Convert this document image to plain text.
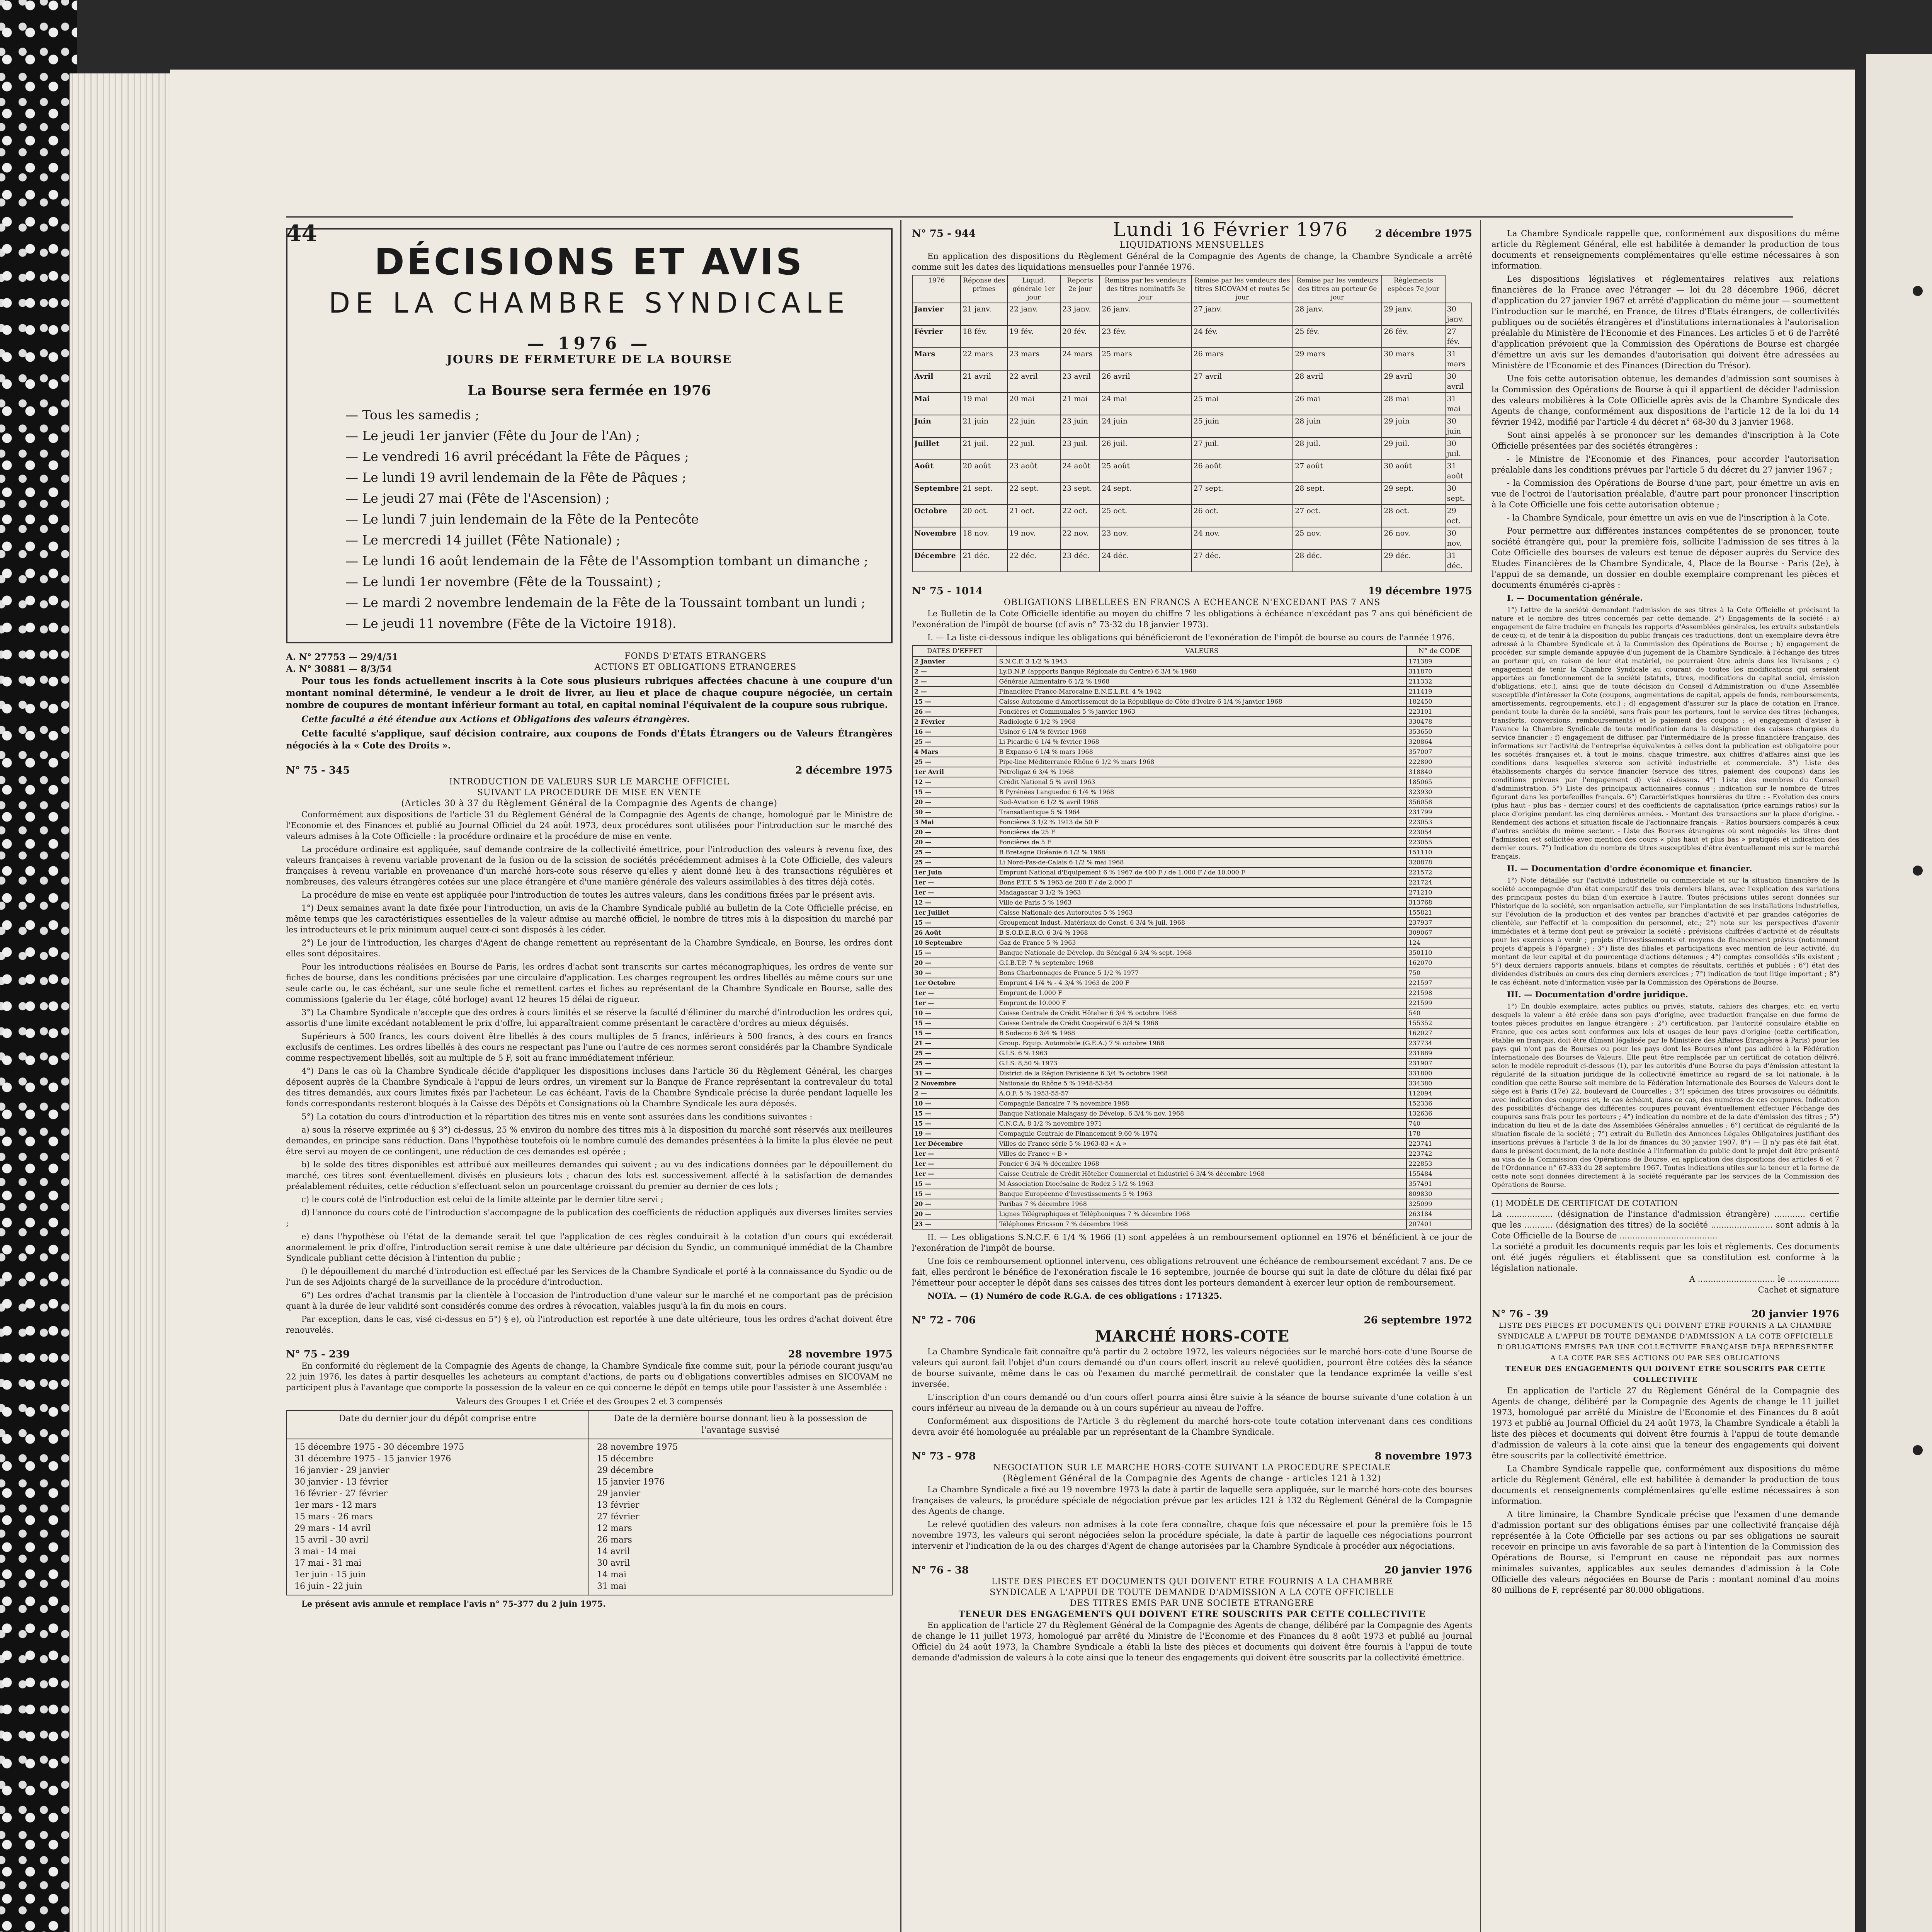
44	Lundi 16 Février 1976
DÉCISIONS ET AVIS
DE LA CHAMBRE SYNDICALE
— 1976 —
JOURS DE FERMETURE DE LA BOURSE
La Bourse sera fermée en 1976
— Tous les samedis ;
— Le jeudi 1er janvier (Fête du Jour de l'An) ;
— Le vendredi 16 avril précédant la Fête de Pâques ;
— Le lundi 19 avril lendemain de la Fête de Pâques ;
— Le jeudi 27 mai (Fête de l'Ascension) ;
— Le lundi 7 juin lendemain de la Fête de la Pentecôte
— Le mercredi 14 juillet (Fête Nationale) ;
— Le lundi 16 août lendemain de la Fête de l'Assomption tombant un dimanche ;
— Le lundi 1er novembre (Fête de la Toussaint) ;
— Le mardi 2 novembre lendemain de la Fête de la Toussaint tombant un lundi ;
— Le jeudi 11 novembre (Fête de la Victoire 1918).
A. N° 27753 — 29/4/51
A. N° 30881 — 8/3/54
FONDS D'ETATS ETRANGERS
ACTIONS ET OBLIGATIONS ETRANGERES

Pour tous les fonds actuellement inscrits à la Cote sous plusieurs rubriques affectées chacune à une coupure d'un montant nominal déterminé, le vendeur a le droit de livrer, au lieu et place de chaque coupure négociée, un certain nombre de coupures de montant inférieur formant au total, en capital nominal l'équivalent de la coupure sous rubrique.

Cette faculté a été étendue aux Actions et Obligations des valeurs étrangères.

Cette faculté s'applique, sauf décision contraire, aux coupons de Fonds d'États Étrangers ou de Valeurs Étrangères négociés à la « Cote des Droits ».

N° 75 - 345	2 décembre 1975
INTRODUCTION DE VALEURS SUR LE MARCHE OFFICIEL
SUIVANT LA PROCEDURE DE MISE EN VENTE
(Articles 30 à 37 du Règlement Général de la Compagnie des Agents de change)

Conformément aux dispositions de l'article 31 du Règlement Général de la Compagnie des Agents de change, homologué par le Ministre de l'Economie et des Finances et publié au Journal Officiel du 24 août 1973, deux procédures sont utilisées pour l'introduction sur le marché des valeurs admises à la Cote Officielle : la procédure ordinaire et la procédure de mise en vente.

La procédure ordinaire est appliquée, sauf demande contraire de la collectivité émettrice, pour l'introduction des valeurs à revenu fixe, des valeurs françaises à revenu variable provenant de la fusion ou de la scission de sociétés précédemment admises à la Cote Officielle, des valeurs françaises à revenu variable en provenance d'un marché hors-cote sous réserve qu'elles y aient donné lieu à des transactions régulières et nombreuses, des valeurs étrangères cotées sur une place étrangère et d'une manière générale des valeurs assimilables à des titres déjà cotés.

La procédure de mise en vente est appliquée pour l'introduction de toutes les autres valeurs, dans les conditions fixées par le présent avis.

1°) Deux semaines avant la date fixée pour l'introduction, un avis de la Chambre Syndicale publié au bulletin de la Cote Officielle précise, en même temps que les caractéristiques essentielles de la valeur admise au marché officiel, le nombre de titres mis à la disposition du marché par les introducteurs et le prix minimum auquel ceux-ci sont disposés à les céder.

2°) Le jour de l'introduction, les charges d'Agent de change remettent au représentant de la Chambre Syndicale, en Bourse, les ordres dont elles sont dépositaires.

Pour les introductions réalisées en Bourse de Paris, les ordres d'achat sont transcrits sur cartes mécanographiques, les ordres de vente sur fiches de bourse, dans les conditions précisées par une circulaire d'application. Les charges regroupent les ordres libellés au même cours sur une seule carte ou, le cas échéant, sur une seule fiche et remettent cartes et fiches au représentant de la Chambre Syndicale en Bourse, salle des commissions (galerie du 1er étage, côté horloge) avant 12 heures 15 délai de rigueur.

3°) La Chambre Syndicale n'accepte que des ordres à cours limités et se réserve la faculté d'éliminer du marché d'introduction les ordres qui, assortis d'une limite excédant notablement le prix d'offre, lui apparaîtraient comme présentant le caractère d'ordres au mieux déguisés.

Supérieurs à 500 francs, les cours doivent être libellés à des cours multiples de 5 francs, inférieurs à 500 francs, à des cours en francs exclusifs de centimes. Les ordres libellés à des cours ne respectant pas l'une ou l'autre de ces normes seront considérés par la Chambre Syndicale comme respectivement libellés, soit au multiple de 5 F, soit au franc immédiatement inférieur.

4°) Dans le cas où la Chambre Syndicale décide d'appliquer les dispositions incluses dans l'article 36 du Règlement Général, les charges déposent auprès de la Chambre Syndicale à l'appui de leurs ordres, un virement sur la Banque de France représentant la contrevaleur du total des titres demandés, aux cours limites fixés par l'acheteur. Le cas échéant, l'avis de la Chambre Syndicale précise la durée pendant laquelle les fonds correspondants resteront bloqués à la Caisse des Dépôts et Consignations où la Chambre Syndicale les aura déposés.

5°) La cotation du cours d'introduction et la répartition des titres mis en vente sont assurées dans les conditions suivantes :

a) sous la réserve exprimée au § 3°) ci-dessus, 25 % environ du nombre des titres mis à la disposition du marché sont réservés aux meilleures demandes, en principe sans réduction. Dans l'hypothèse toutefois où le nombre cumulé des demandes présentées à la limite la plus élevée ne peut être servi au moyen de ce contingent, une réduction de ces demandes est opérée ;

b) le solde des titres disponibles est attribué aux meilleures demandes qui suivent ; au vu des indications données par le dépouillement du marché, ces titres sont éventuellement divisés en plusieurs lots ; chacun des lots est successivement affecté à la satisfaction de demandes préalablement réduites, cette réduction s'effectuant selon un pourcentage croissant du premier au dernier de ces lots ;

c) le cours coté de l'introduction est celui de la limite atteinte par le dernier titre servi ;

d) l'annonce du cours coté de l'introduction s'accompagne de la publication des coefficients de réduction appliqués aux diverses limites servies ;

e) dans l'hypothèse où l'état de la demande serait tel que l'application de ces règles conduirait à la cotation d'un cours qui excéderait anormalement le prix d'offre, l'introduction serait remise à une date ultérieure par décision du Syndic, un communiqué immédiat de la Chambre Syndicale publiant cette décision à l'intention du public ;

f) le dépouillement du marché d'introduction est effectué par les Services de la Chambre Syndicale et porté à la connaissance du Syndic ou de l'un de ses Adjoints chargé de la surveillance de la procédure d'introduction.

6°) Les ordres d'achat transmis par la clientèle à l'occasion de l'introduction d'une valeur sur le marché et ne comportant pas de précision quant à la durée de leur validité sont considérés comme des ordres à révocation, valables jusqu'à la fin du mois en cours.

Par exception, dans le cas, visé ci-dessus en 5°) § e), où l'introduction est reportée à une date ultérieure, tous les ordres d'achat doivent être renouvelés.

N° 75 - 239	28 novembre 1975

En conformité du règlement de la Compagnie des Agents de change, la Chambre Syndicale fixe comme suit, pour la période courant jusqu'au 22 juin 1976, les dates à partir desquelles les acheteurs au comptant d'actions, de parts ou d'obligations convertibles admises en SICOVAM ne participent plus à l'avantage que comporte la possession de la valeur en ce qui concerne le dépôt en temps utile pour l'assister à une Assemblée :

Valeurs des Groupes 1 et Criée et des Groupes 2 et 3 compensés
Date du dernier jour du dépôt comprise entre	Date de la dernière bourse donnant lieu à la possession de l'avantage susvisé
15 décembre 1975 - 30 décembre 1975
31 décembre 1975 - 15 janvier 1976
16 janvier - 29 janvier
30 janvier - 13 février
16 février - 27 février
1er mars - 12 mars
15 mars - 26 mars
29 mars - 14 avril
15 avril - 30 avril
3 mai - 14 mai
17 mai - 31 mai
1er juin - 15 juin
16 juin - 22 juin
28 novembre 1975
15 décembre
29 décembre
15 janvier 1976
29 janvier
13 février
27 février
12 mars
26 mars
14 avril
30 avril
14 mai
31 mai

Le présent avis annule et remplace l'avis n° 75-377 du 2 juin 1975.

N° 75 - 944	2 décembre 1975
LIQUIDATIONS MENSUELLES

En application des dispositions du Règlement Général de la Compagnie des Agents de change, la Chambre Syndicale a arrêté comme suit les dates des liquidations mensuelles pour l'année 1976.

1976	Réponse des primes	Liquid. générale 1er jour	Reports 2e jour	Remise par les vendeurs des titres nominatifs 3e jour	Remise par les vendeurs des titres SICOVAM et routes 5e jour	Remise par les vendeurs des titres au porteur 6e jour	Règlements espèces 7e jour	
Janvier	21 janv.	22 janv.	23 janv.	26 janv.	27 janv.	28 janv.	29 janv.	30 janv.
Février	18 fév.	19 fév.	20 fév.	23 fév.	24 fév.	25 fév.	26 fév.	27 fév.
Mars	22 mars	23 mars	24 mars	25 mars	26 mars	29 mars	30 mars	31 mars
Avril	21 avril	22 avril	23 avril	26 avril	27 avril	28 avril	29 avril	30 avril
Mai	19 mai	20 mai	21 mai	24 mai	25 mai	26 mai	28 mai	31 mai
Juin	21 juin	22 juin	23 juin	24 juin	25 juin	28 juin	29 juin	30 juin
Juillet	21 juil.	22 juil.	23 juil.	26 juil.	27 juil.	28 juil.	29 juil.	30 juil.
Août	20 août	23 août	24 août	25 août	26 août	27 août	30 août	31 août
Septembre	21 sept.	22 sept.	23 sept.	24 sept.	27 sept.	28 sept.	29 sept.	30 sept.
Octobre	20 oct.	21 oct.	22 oct.	25 oct.	26 oct.	27 oct.	28 oct.	29 oct.
Novembre	18 nov.	19 nov.	22 nov.	23 nov.	24 nov.	25 nov.	26 nov.	30 nov.
Décembre	21 déc.	22 déc.	23 déc.	24 déc.	27 déc.	28 déc.	29 déc.	31 déc.
N° 75 - 1014	19 décembre 1975
OBLIGATIONS LIBELLEES EN FRANCS A ECHEANCE N'EXCEDANT PAS 7 ANS

Le Bulletin de la Cote Officielle identifie au moyen du chiffre 7 les obligations à échéance n'excédant pas 7 ans qui bénéficient de l'exonération de l'impôt de bourse (cf avis n° 73-32 du 18 janvier 1973).

I. — La liste ci-dessous indique les obligations qui bénéficieront de l'exonération de l'impôt de bourse au cours de l'année 1976.

DATES D'EFFET	VALEURS	N° de CODE
2 Janvier	S.N.C.F. 3 1/2 % 1943	171389
2 —	Ly.B.N.P. (appports Banque Régionale du Centre) 6 3/4 % 1968	311870
2 —	Générale Alimentaire 6 1/2 % 1968	211332
2 —	Financière Franco-Marocaine E.N.E.L.F.I. 4 % 1942	211419
15 —	Caisse Autonome d'Amortissement de la République de Côte d'Ivoire 6 1/4 % janvier 1968	182450
26 —	Foncières et Communales 5 % janvier 1963	223101
2 Février	Radiologie 6 1/2 % 1968	330478
16 —	Usinor 6 1/4 % février 1968	353650
25 —	Li Picardie 6 1/4 % février 1968	320864
4 Mars	B Expanso 6 1/4 % mars 1968	357007
25 —	Pipe-line Méditerranée Rhône 6 1/2 % mars 1968	222800
1er Avril	Pétroligaz 6 3/4 % 1968	318840
12 —	Crédit National 5 % avril 1963	185065
15 —	B Pyrénées Languedoc 6 1/4 % 1968	323930
20 —	Sud-Aviation 6 1/2 % avril 1968	356058
30 —	Transatlantique 5 % 1964	231799
3 Mai	Foncières 3 1/2 % 1913 de 50 F	223053
20 —	Foncières de 25 F	223054
20 —	Foncières de 5 F	223055
25 —	B Bretagne Océanie 6 1/2 % 1968	151110
25 —	Li Nord-Pas-de-Calais 6 1/2 % mai 1968	320878
1er Juin	Emprunt National d'Equipement 6 % 1967 de 400 F / de 1.000 F / de 10.000 F	221572
1er —	Bons P.T.T. 5 % 1963 de 200 F / de 2.000 F	221724
1er —	Madagascar 3 1/2 % 1963	271210
12 —	Ville de Paris 5 % 1963	313768
1er Juillet	Caisse Nationale des Autoroutes 5 % 1963	155821
15 —	Groupement Indust. Matériaux de Const. 6 3/4 % juil. 1968	237937
26 Août	B S.O.D.E.R.O. 6 3/4 % 1968	309067
10 Septembre	Gaz de France 5 % 1963	124
15 —	Banque Nationale de Dévelop. du Sénégal 6 3/4 % sept. 1968	350110
20 —	G.I.B.T.P. 7 % septembre 1968	162070
30 —	Bons Charbonnages de France 5 1/2 % 1977	750
1er Octobre	Emprunt 4 1/4 % - 4 3/4 % 1963 de 200 F	221597
1er —	Emprunt de 1.000 F	221598
1er —	Emprunt de 10.000 F	221599
10 —	Caisse Centrale de Crédit Hôtelier 6 3/4 % octobre 1968	540
15 —	Caisse Centrale de Crédit Coopératif 6 3/4 % 1968	155352
15 —	B Sodecco 6 3/4 % 1968	162027
21 —	Group. Equip. Automobile (G.E.A.) 7 % octobre 1968	237734
25 —	G.I.S. 6 % 1963	231889
25 —	G.I.S. 8,50 % 1973	231907
31 —	District de la Région Parisienne 6 3/4 % octobre 1968	331800
2 Novembre	Nationale du Rhône 5 % 1948-53-54	334380
2 —	A.O.F. 5 % 1953-55-57	112094
10 —	Compagnie Bancaire 7 % novembre 1968	152336
15 —	Banque Nationale Malagasy de Dévelop. 6 3/4 % nov. 1968	132636
15 —	C.N.C.A. 8 1/2 % novembre 1971	740
19 —	Compagnie Centrale de Financement 9,60 % 1974	178
1er Décembre	Villes de France série 5 % 1963-83 « A »	223741
1er —	Villes de France « B »	223742
1er —	Foncier 6 3/4 % décembre 1968	222853
1er —	Caisse Centrale de Crédit Hôtelier Commercial et Industriel 6 3/4 % décembre 1968	155484
15 —	M Association Diocésaine de Rodez 5 1/2 % 1963	357491
15 —	Banque Européenne d'Investissements 5 % 1963	809830
20 —	Paribas 7 % décembre 1968	325099
20 —	Lignes Télégraphiques et Téléphoniques 7 % décembre 1968	263184
23 —	Téléphones Ericsson 7 % décembre 1968	207401

II. — Les obligations S.N.C.F. 6 1/4 % 1966 (1) sont appelées à un remboursement optionnel en 1976 et bénéficient à ce jour de l'exonération de l'impôt de bourse.

Une fois ce remboursement optionnel intervenu, ces obligations retrouvent une échéance de remboursement excédant 7 ans. De ce fait, elles perdront le bénéfice de l'exonération fiscale le 16 septembre, journée de bourse qui suit la date de clôture du délai fixé par l'émetteur pour accepter le dépôt dans ses caisses des titres dont les porteurs demandent à exercer leur option de remboursement.

NOTA. — (1) Numéro de code R.G.A. de ces obligations : 171325.

N° 72 - 706	26 septembre 1972
MARCHÉ HORS-COTE

La Chambre Syndicale fait connaître qu'à partir du 2 octobre 1972, les valeurs négociées sur le marché hors-cote d'une Bourse de valeurs qui auront fait l'objet d'un cours demandé ou d'un cours offert inscrit au relevé quotidien, pourront être cotées dès la séance de bourse suivante, même dans le cas où l'examen du marché permettrait de constater que la tendance exprimée la veille s'est inversée.

L'inscription d'un cours demandé ou d'un cours offert pourra ainsi être suivie à la séance de bourse suivante d'une cotation à un cours inférieur au niveau de la demande ou à un cours supérieur au niveau de l'offre.

Conformément aux dispositions de l'Article 3 du règlement du marché hors-cote toute cotation intervenant dans ces conditions devra avoir été homologuée au préalable par un représentant de la Chambre Syndicale.

N° 73 - 978	8 novembre 1973
NEGOCIATION SUR LE MARCHE HORS-COTE SUIVANT LA PROCEDURE SPECIALE
(Règlement Général de la Compagnie des Agents de change - articles 121 à 132)

La Chambre Syndicale a fixé au 19 novembre 1973 la date à partir de laquelle sera appliquée, sur le marché hors-cote des bourses françaises de valeurs, la procédure spéciale de négociation prévue par les articles 121 à 132 du Règlement Général de la Compagnie des Agents de change.

Le relevé quotidien des valeurs non admises à la cote fera connaître, chaque fois que nécessaire et pour la première fois le 15 novembre 1973, les valeurs qui seront négociées selon la procédure spéciale, la date à partir de laquelle ces négociations pourront intervenir et l'indication de la ou des charges d'Agent de change autorisées par la Chambre Syndicale à procéder aux négociations.

N° 76 - 38	20 janvier 1976
LISTE DES PIECES ET DOCUMENTS QUI DOIVENT ETRE FOURNIS A LA CHAMBRE
SYNDICALE A L'APPUI DE TOUTE DEMANDE D'ADMISSION A LA COTE OFFICIELLE
DES TITRES EMIS PAR UNE SOCIETE ETRANGERE
TENEUR DES ENGAGEMENTS QUI DOIVENT ETRE SOUSCRITS PAR CETTE COLLECTIVITE

En application de l'article 27 du Règlement Général de la Compagnie des Agents de change, délibéré par la Compagnie des Agents de change le 11 juillet 1973, homologué par arrêté du Ministre de l'Economie et des Finances du 8 août 1973 et publié au Journal Officiel du 24 août 1973, la Chambre Syndicale a établi la liste des pièces et documents qui doivent être fournis à l'appui de toute demande d'admission de valeurs à la cote ainsi que la teneur des engagements qui doivent être souscrits par la collectivité émettrice.

La Chambre Syndicale rappelle que, conformément aux dispositions du même article du Règlement Général, elle est habilitée à demander la production de tous documents et renseignements complémentaires qu'elle estime nécessaires à son information.

Les dispositions législatives et réglementaires relatives aux relations financières de la France avec l'étranger — loi du 28 décembre 1966, décret d'application du 27 janvier 1967 et arrêté d'application du même jour — soumettent l'introduction sur le marché, en France, de titres d'Etats étrangers, de collectivités publiques ou de sociétés étrangères et d'institutions internationales à l'autorisation préalable du Ministère de l'Economie et des Finances. Les articles 5 et 6 de l'arrêté d'application prévoient que la Commission des Opérations de Bourse est chargée d'émettre un avis sur les demandes d'autorisation qui doivent être adressées au Ministère de l'Economie et des Finances (Direction du Trésor).

Une fois cette autorisation obtenue, les demandes d'admission sont soumises à la Commission des Opérations de Bourse à qui il appartient de décider l'admission des valeurs mobilières à la Cote Officielle après avis de la Chambre Syndicale des Agents de change, conformément aux dispositions de l'article 12 de la loi du 14 février 1942, modifié par l'article 4 du décret n° 68-30 du 3 janvier 1968.

Sont ainsi appelés à se prononcer sur les demandes d'inscription à la Cote Officielle présentées par des sociétés étrangères :

- le Ministre de l'Economie et des Finances, pour accorder l'autorisation préalable dans les conditions prévues par l'article 5 du décret du 27 janvier 1967 ;

- la Commission des Opérations de Bourse d'une part, pour émettre un avis en vue de l'octroi de l'autorisation préalable, d'autre part pour prononcer l'inscription à la Cote Officielle une fois cette autorisation obtenue ;

- la Chambre Syndicale, pour émettre un avis en vue de l'inscription à la Cote.

Pour permettre aux différentes instances compétentes de se prononcer, toute société étrangère qui, pour la première fois, sollicite l'admission de ses titres à la Cote Officielle des bourses de valeurs est tenue de déposer auprès du Service des Etudes Financières de la Chambre Syndicale, 4, Place de la Bourse - Paris (2e), à l'appui de sa demande, un dossier en double exemplaire comprenant les pièces et documents énumérés ci-après :

I. — Documentation générale.

1°) Lettre de la société demandant l'admission de ses titres à la Cote Officielle et précisant la nature et le nombre des titres concernés par cette demande. 2°) Engagements de la société : a) engagement de faire traduire en français les rapports d'Assemblées générales, les extraits substantiels de ceux-ci, et de tenir à la disposition du public français ces traductions, dont un exemplaire devra être adressé à la Chambre Syndicale et à la Commission des Opérations de Bourse ; b) engagement de procéder, sur simple demande appuyée d'un jugement de la Chambre Syndicale, à l'échange des titres au porteur qui, en raison de leur état matériel, ne pourraient être admis dans les livraisons ; c) engagement de tenir la Chambre Syndicale au courant de toutes les modifications qui seraient apportées au fonctionnement de la société (statuts, titres, modifications du capital social, émission d'obligations, etc.), ainsi que de toute décision du Conseil d'Administration ou d'une Assemblée susceptible d'intéresser la Cote (coupons, augmentations de capital, appels de fonds, remboursements, amortissements, regroupements, etc.) ; d) engagement d'assurer sur la place de cotation en France, pendant toute la durée de la société, sans frais pour les porteurs, tout le service des titres (échanges, transferts, conversions, remboursements) et le paiement des coupons ; e) engagement d'aviser à l'avance la Chambre Syndicale de toute modification dans la désignation des caisses chargées du service financier ; f) engagement de diffuser, par l'intermédiaire de la presse financière française, des informations sur l'activité de l'entreprise équivalentes à celles dont la publication est obligatoire pour les sociétés françaises et, à tout le moins, chaque trimestre, aux chiffres d'affaires ainsi que les conditions dans lesquelles s'exerce son activité industrielle et commerciale. 3°) Liste des établissements chargés du service financier (service des titres, paiement des coupons) dans les conditions prévues par l'engagement d) visé ci-dessus. 4°) Liste des membres du Conseil d'administration. 5°) Liste des principaux actionnaires connus ; indication sur le nombre de titres figurant dans les portefeuilles français. 6°) Caractéristiques boursières du titre : - Evolution des cours (plus haut - plus bas - dernier cours) et des coefficients de capitalisation (price earnings ratios) sur la place d'origine pendant les cinq dernières années. - Montant des transactions sur la place d'origine. - Rendement des actions et situation fiscale de l'actionnaire français. - Ratios boursiers comparés à ceux d'autres sociétés du même secteur. - Liste des Bourses étrangères où sont négociés les titres dont l'admission est sollicitée avec mention des cours « plus haut et plus bas » pratiqués et indication des dernier cours. 7°) Indication du nombre de titres susceptibles d'être éventuellement mis sur le marché français.

II. — Documentation d'ordre économique et financier.

1°) Note détaillée sur l'activité industrielle ou commerciale et sur la situation financière de la société accompagnée d'un état comparatif des trois derniers bilans, avec l'explication des variations des principaux postes du bilan d'un exercice à l'autre. Toutes précisions utiles seront données sur l'historique de la société, son organisation actuelle, sur l'implantation de ses installations industrielles, sur l'évolution de la production et des ventes par branches d'activité et par grandes catégories de clientèle, sur l'effectif et la composition du personnel, etc.; 2°) note sur les perspectives d'avenir immédiates et à terme dont peut se prévaloir la société ; prévisions chiffrées d'activité et de résultats pour les exercices à venir ; projets d'investissements et moyens de financement prévus (notamment projets d'appels à l'épargne) ; 3°) liste des filiales et participations avec mention de leur activité, du montant de leur capital et du pourcentage d'actions détenues ; 4°) comptes consolidés s'ils existent ; 5°) deux derniers rapports annuels, bilans et comptes de résultats, certifiés et publiés ; 6°) état des dividendes distribués au cours des cinq derniers exercices ; 7°) indication de tout litige important ; 8°) le cas échéant, note d'information visée par la Commission des Opérations de Bourse.

III. — Documentation d'ordre juridique.

1°) En double exemplaire, actes publics ou privés, statuts, cahiers des charges, etc. en vertu desquels la valeur a été créée dans son pays d'origine, avec traduction française en due forme de toutes pièces produites en langue étrangère ; 2°) certification, par l'autorité consulaire établie en France, que ces actes sont conformes aux lois et usages de leur pays d'origine (cette certification, établie en français, doit être dûment légalisée par le Ministère des Affaires Etrangères à Paris) pour les pays qui n'ont pas de Bourses ou pour les pays dont les Bourses n'ont pas adhéré à la Fédération Internationale des Bourses de Valeurs. Elle peut être remplacée par un certificat de cotation délivré, selon le modèle reproduit ci-dessous (1), par les autorités d'une Bourse du pays d'émission attestant la régularité de la situation juridique de la collectivité émettrice au regard de sa loi nationale, à la condition que cette Bourse soit membre de la Fédération Internationale des Bourses de Valeurs dont le siège est à Paris (17e) 22, boulevard de Courcelles ; 3°) spécimen des titres provisoires ou définitifs, avec indication des coupures et, le cas échéant, dans ce cas, des numéros de ces coupures. Indication des possibilités d'échange des différentes coupures pouvant éventuellement effectuer l'échange des coupures sans frais pour les porteurs ; 4°) indication du nombre et de la date d'émission des titres ; 5°) indication du lieu et de la date des Assemblées Générales annuelles ; 6°) certificat de régularité de la situation fiscale de la société ; 7°) extrait du Bulletin des Annonces Légales Obligatoires justifiant des insertions prévues à l'article 3 de la loi de finances du 30 janvier 1907. 8°) — Il n'y pas été fait état, dans le présent document, de la note destinée à l'information du public dont le projet doit être présenté au visa de la Commission des Opérations de Bourse, en application des dispositions des articles 6 et 7 de l'Ordonnance n° 67-833 du 28 septembre 1967. Toutes indications utiles sur la teneur et la forme de cette note sont données directement à la société requérante par les services de la Commission des Opérations de Bourse.

(1) MODÈLE DE CERTIFICAT DE COTATION
La .................. (désignation de l'instance d'admission étrangère) ............ certifie que les ........... (désignation des titres) de la société ........................ sont admis à la Cote Officielle de la Bourse de ......................................
La société a produit les documents requis par les lois et règlements. Ces documents ont été jugés réguliers et établissent que sa constitution est conforme à la législation nationale.
A .............................. le ....................
Cachet et signature
N° 76 - 39	20 janvier 1976
LISTE DES PIECES ET DOCUMENTS QUI DOIVENT ETRE FOURNIS A LA CHAMBRE
SYNDICALE A L'APPUI DE TOUTE DEMANDE D'ADMISSION A LA COTE OFFICIELLE
D'OBLIGATIONS EMISES PAR UNE COLLECTIVITE FRANÇAISE DEJA REPRESENTEE
A LA COTE PAR SES ACTIONS OU PAR SES OBLIGATIONS
TENEUR DES ENGAGEMENTS QUI DOIVENT ETRE SOUSCRITS PAR CETTE COLLECTIVITE

En application de l'article 27 du Règlement Général de la Compagnie des Agents de change, délibéré par la Compagnie des Agents de change le 11 juillet 1973, homologué par arrêté du Ministre de l'Economie et des Finances du 8 août 1973 et publié au Journal Officiel du 24 août 1973, la Chambre Syndicale a établi la liste des pièces et documents qui doivent être fournis à l'appui de toute demande d'admission de valeurs à la cote ainsi que la teneur des engagements qui doivent être souscrits par la collectivité émettrice.

La Chambre Syndicale rappelle que, conformément aux dispositions du même article du Règlement Général, elle est habilitée à demander la production de tous documents et renseignements complémentaires qu'elle estime nécessaires à son information.

A titre liminaire, la Chambre Syndicale précise que l'examen d'une demande d'admission portant sur des obligations émises par une collectivité française déjà représentée à la Cote Officielle par ses actions ou par ses obligations ne saurait recevoir en principe un avis favorable de sa part à l'intention de la Commission des Opérations de Bourse, si l'emprunt en cause ne répondait pas aux normes minimales suivantes, applicables aux seules demandes d'admission à la Cote Officielle des valeurs négociées en Bourse de Paris : montant nominal d'au moins 80 millions de F, représenté par 80.000 obligations.
